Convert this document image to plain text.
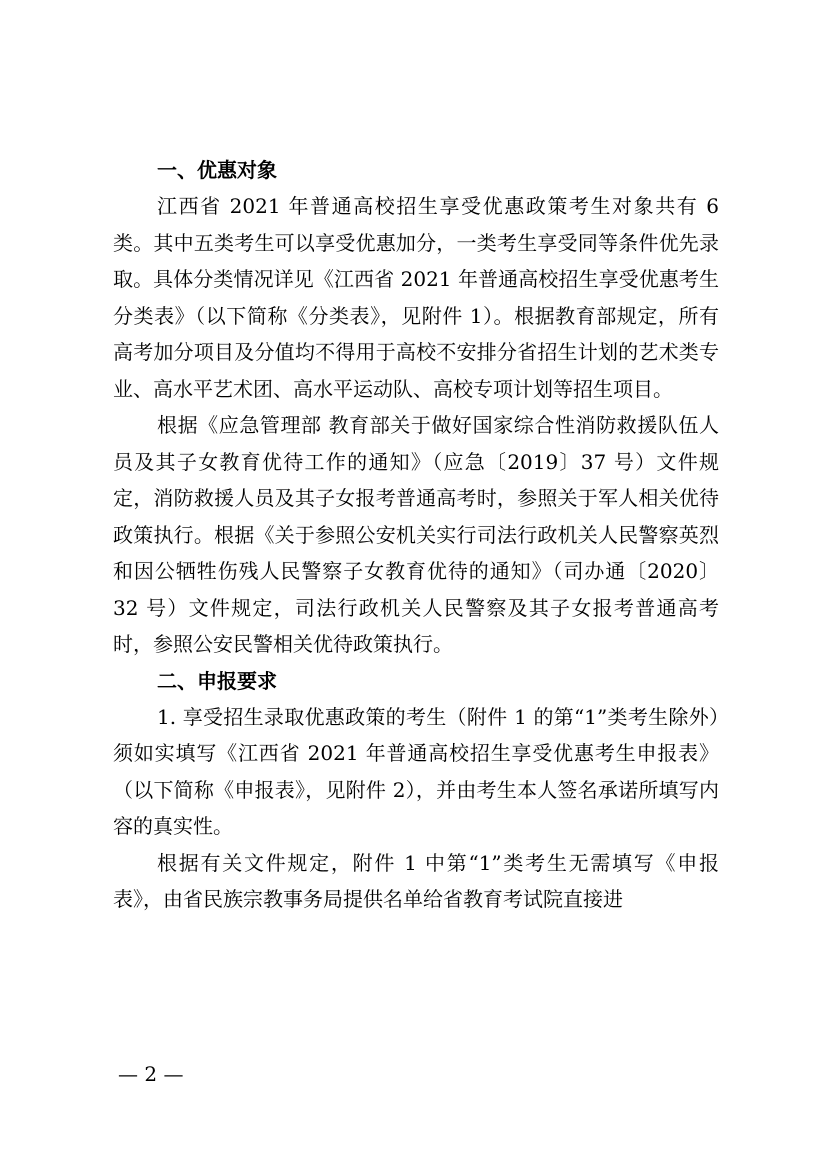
一、优惠对象

江西省 2021 年普通高校招生享受优惠政策考生对象共有 6 类。其中五类考生可以享受优惠加分，一类考生享受同等条件优先录取。具体分类情况详见《江西省 2021 年普通高校招生享受优惠考生分类表》（以下简称《分类表》，见附件 1）。根据教育部规定，所有高考加分项目及分值均不得用于高校不安排分省招生计划的艺术类专业、高水平艺术团、高水平运动队、高校专项计划等招生项目。

根据《应急管理部 教育部关于做好国家综合性消防救援队伍人员及其子女教育优待工作的通知》（应急〔2019〕37 号）文件规定，消防救援人员及其子女报考普通高考时，参照关于军人相关优待政策执行。根据《关于参照公安机关实行司法行政机关人民警察英烈和因公牺牲伤残人民警察子女教育优待的通知》（司办通〔2020〕32 号）文件规定，司法行政机关人民警察及其子女报考普通高考时，参照公安民警相关优待政策执行。

二、申报要求

1. 享受招生录取优惠政策的考生（附件 1 的第“1”类考生除外）须如实填写《江西省 2021 年普通高校招生享受优惠考生申报表》（以下简称《申报表》，见附件 2），并由考生本人签名承诺所填写内容的真实性。

根据有关文件规定，附件 1 中第“1”类考生无需填写《申报表》，由省民族宗教事务局提供名单给省教育考试院直接进

— 2 —
